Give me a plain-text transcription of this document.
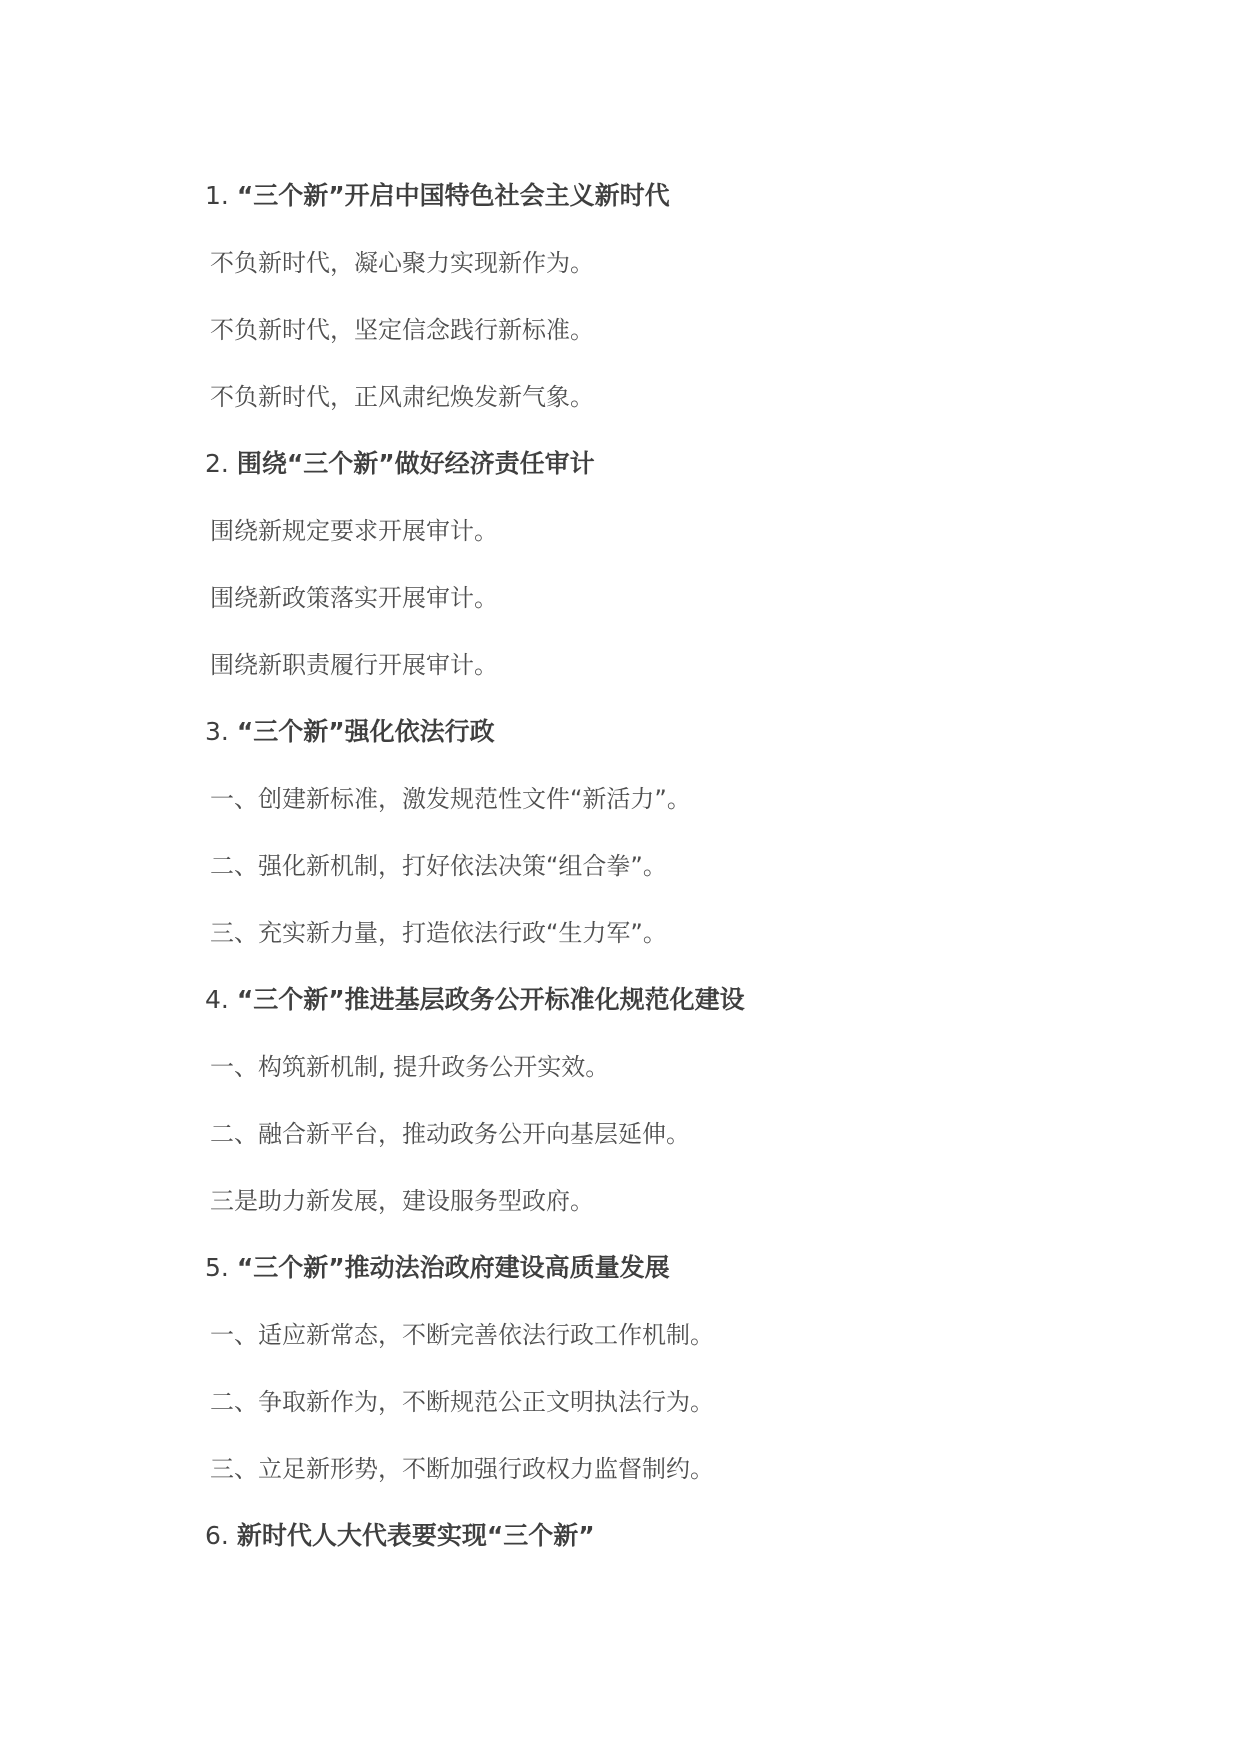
1. “三个新”开启中国特色社会主义新时代
不负新时代，凝心聚力实现新作为。
不负新时代，坚定信念践行新标准。
不负新时代，正风肃纪焕发新气象。
2. 围绕“三个新”做好经济责任审计
围绕新规定要求开展审计。
围绕新政策落实开展审计。
围绕新职责履行开展审计。
3. “三个新”强化依法行政
一、创建新标准，激发规范性文件“新活力”。
二、强化新机制，打好依法决策“组合拳”。
三、充实新力量，打造依法行政“生力军”。
4. “三个新”推进基层政务公开标准化规范化建设
一、构筑新机制, 提升政务公开实效。
二、融合新平台，推动政务公开向基层延伸。
三是助力新发展，建设服务型政府。
5. “三个新”推动法治政府建设高质量发展
一、适应新常态，不断完善依法行政工作机制。
二、争取新作为，不断规范公正文明执法行为。
三、立足新形势，不断加强行政权力监督制约。
6. 新时代人大代表要实现“三个新”
